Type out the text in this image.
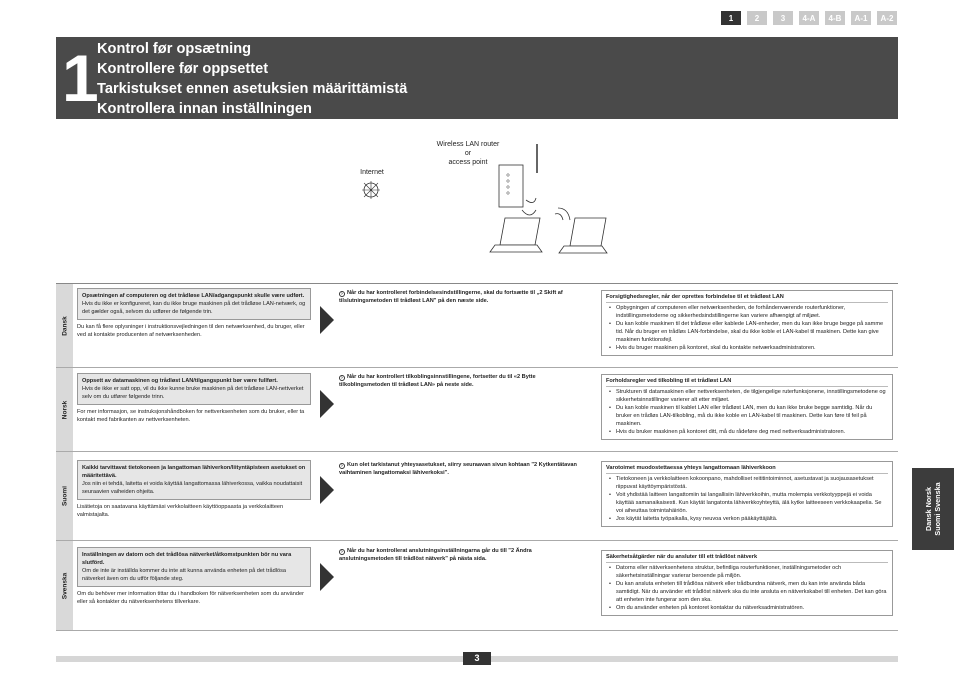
1	2	3	4-A	4-B	A-1	A-2
1
Kontrol før opsætning
Kontrollere før oppsettet
Tarkistukset ennen asetuksien määrittämistä
Kontrollera innan inställningen
Wireless LAN router
or
access point
Internet
Dansk
Opsætningen af computeren og det trådløse LAN/adgangspunkt skulle være udført.
Hvis du ikke er konfigureret, kan du ikke bruge maskinen på det trådløse LAN-netværk, og det gælder også, selvom du udfører de følgende trin.
Du kan få flere oplysninger i instruktionsvejledningen til den netværksenhed, du bruger, eller ved at kontakte producenten af netværksenheden.
› Når du har kontrolleret forbindelsesindstillingerne, skal du fortsætte til „2 Skift af tilslutningsmetoden til trådløst LAN" på den næste side.
Forsigtighedsregler, når der oprettes forbindelse til et trådløst LAN
• Opbygningen af computeren eller netværksenheden, de forhåndenværende routerfunktioner, indstillingsmetoderne og sikkerhedsindstillingerne kan variere afhængigt af miljøet.
• Du kan koble maskinen til det trådløse eller kablede LAN-enheder, men du kan ikke bruge begge på samme tid. Når du bruger en trådløs LAN-forbindelse, skal du ikke koble et LAN-kabel til maskinen. Dette kan give maskinen funktionsfejl.
• Hvis du bruger maskinen på kontoret, skal du kontakte netværksadministratoren.
Norsk
Oppsett av datamaskinen og trådløst LAN/tilgangspunkt bør være fullført.
Hvis de ikke er satt opp, vil du ikke kunne bruke maskinen på det trådløse LAN-nettverket selv om du utfører følgende trinn.
For mer informasjon, se instruksjonshåndboken for nettverksenheten som du bruker, eller ta kontakt med fabrikanten av nettverksenheten.
› Når du har kontrollert tilkoblingsinnstillingene, fortsetter du til «2 Bytte tilkoblingsmetoden til trådløst LAN» på neste side.
Forholdsregler ved tilkobling til et trådløst LAN
• Strukturen til datamaskinen eller nettverksenheten, de tilgjengelige ruterfunksjonene, innstillingsmetodene og sikkerhetsinnstillinger varierer alt etter miljøet.
• Du kan koble maskinen til kablet LAN eller trådløst LAN, men du kan ikke bruke begge samtidig. Når du bruker en trådløs LAN-tilkobling, må du ikke koble en LAN-kabel til maskinen. Dette kan føre til feil på maskinen.
• Hvis du bruker maskinen på kontoret ditt, må du rådeføre deg med nettverksadministratoren.
Suomi
Kaikki tarvittavat tietokoneen ja langattoman lähiverkon/liityntäpisteen asetukset on määritettävä.
Jos niin ei tehdä, laitetta ei voida käyttää langattomassa lähiverkossa, vaikka noudattaisit seuraavien vaiheiden ohjeita.
Lisätietoja on saatavana käyttämäsi verkkolaitteen käyttöoppaasta ja verkkolaitteen valmistajalta.
› Kun olet tarkistanut yhteysasetukset, siirry seuraavan sivun kohtaan "2 Kytkentätavan vaihtaminen langattomaksi lähiverkoksi".
Varotoimet muodostettaessa yhteys langattomaan lähiverkkoon
• Tietokoneen ja verkkolaitteen kokoonpano, mahdolliset reititintoiminnot, asetustavat ja suojausasetukset riippuvat käyttöympäristöstä.
• Voit yhdistää laitteen langattomiin tai langallisiin lähiverkkoihin, mutta molempia verkkotyyppejä ei voida käyttää samanaikaisesti. Kun käytät langatonta lähiverkkoyhteyttä, älä kytke laitteeseen verkkokaapelia. Se voi aiheuttaa toimintahäiriön.
• Jos käytät laitetta työpaikalla, kysy neuvoa verkon pääkäyttäjältä.
Svenska
Inställningen av datorn och det trådlösa nätverket/åtkomstpunkten bör nu vara slutförd.
Om de inte är inställda kommer du inte att kunna använda enheten på det trådlösa nätverket även om du utför följande steg.
Om du behöver mer information tittar du i handboken för nätverksenheten som du använder eller så kontakter du nätverksenhetens tillverkare.
› Når du har kontrollerat anslutningsinställningarna går du till "2 Ändra anslutningsmetoden till trådlöst nätverk" på nästa sida.	Säkerhetsåtgärder när du ansluter till ett trådlöst nätverk
• Datorns eller nätverksenhetens struktur, befintliga routerfunktioner, inställningsmetoder och säkerhetsinställningar varierar beroende på miljön.
• Du kan ansluta enheten till trådlösa nätverk eller trådbundna nätverk, men du kan inte använda båda samtidigt. När du använder ett trådlöst nätverk ska du inte ansluta en nätverkskabel till enheten. Det kan göra att enheten inte fungerar som den ska.
• Om du använder enheten på kontoret kontaktar du nätverksadministratören.
Dansk Norsk Suomi Svenska
3
